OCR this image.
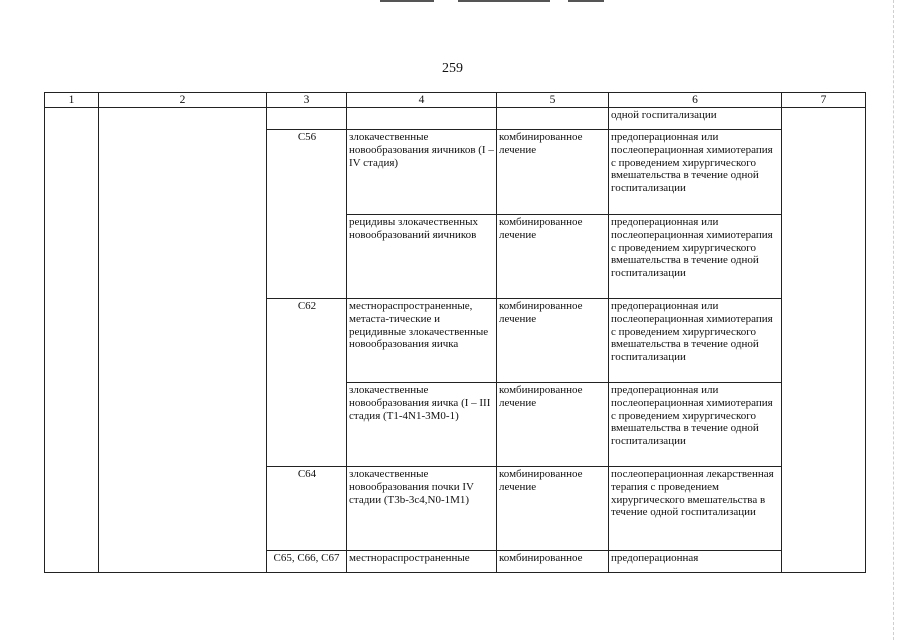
259
1	2	3	4	5	6	7
					одной госпитализации	
		C56	злокачественные новообразования яичников (I – IV стадия)	комбинированное лечение	предоперационная или послеоперационная химиотерапия с проведением хирургического вмешательства в течение одной госпитализации	
			рецидивы злокачественных новообразований яичников	комбинированное лечение	предоперационная или послеоперационная химиотерапия с проведением хирургического вмешательства в течение одной госпитализации	
		C62	местнораспространенные, метаста-тические и рецидивные злокачественные новообразования яичка	комбинированное лечение	предоперационная или послеоперационная химиотерапия с проведением хирургического вмешательства в течение одной госпитализации	
			злокачественные новообразования яичка (I – III стадия (T1-4N1-3M0-1)	комбинированное лечение	предоперационная или послеоперационная химиотерапия с проведением хирургического вмешательства в течение одной госпитализации	
		C64	злокачественные новообразования почки IV стадии (T3b-3c4,N0-1M1)	комбинированное лечение	послеоперационная лекарственная терапия с проведением хирургического вмешательства в течение одной госпитализации	
		C65, C66, C67	местнораспространенные	комбинированное	предоперационная	
